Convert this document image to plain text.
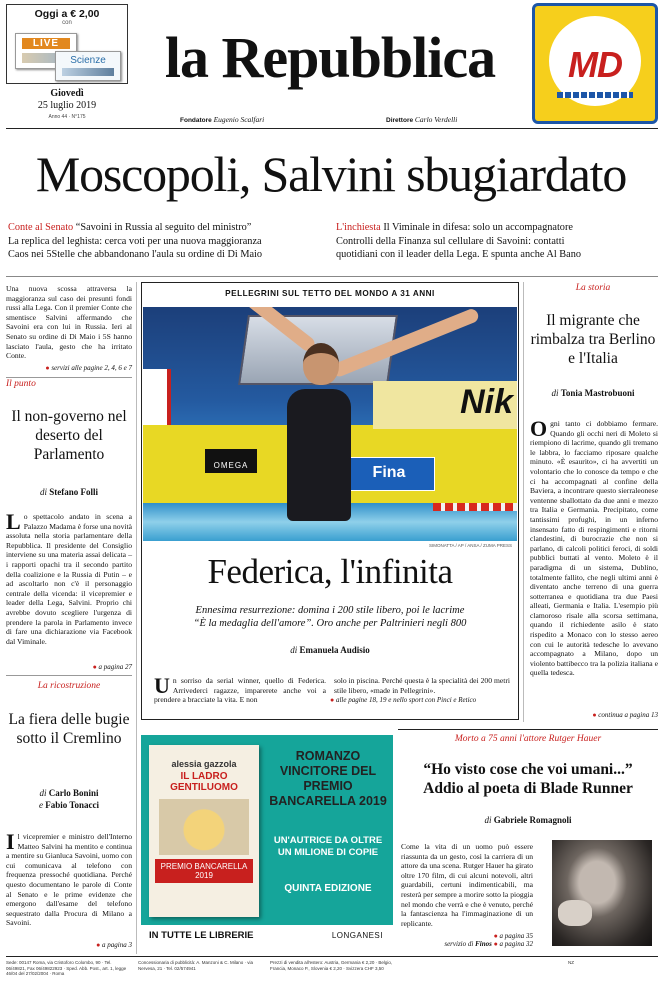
Oggi a € 2,00
con
LIVE
Scienze
Giovedì
25 luglio 2019
Anno 44 · N°175
la Repubblica
Fondatore Eugenio Scalfari	Direttore Carlo Verdelli
MD
Moscopoli, Salvini sbugiardato
Conte al Senato “Savoini in Russia al seguito del ministro”
La replica del leghista: cerca voti per una nuova maggioranza
Caos nei 5Stelle che abbandonano l'aula su ordine di Di Maio
L'inchiesta Il Viminale in difesa: solo un accompagnatore
Controlli della Finanza sul cellulare di Savoini: contatti
quotidiani con il leader della Lega. E spunta anche Al Bano
Una nuova scossa attraversa la maggioranza sul caso dei presunti fondi russi alla Lega. Con il premier Conte che smentisce Salvini affermando che Savoini era con lui in Russia. Ieri al Senato su ordine di Di Maio i 5S hanno lasciato l'aula, gesto che ha irritato Conte.
● servizi alle pagine 2, 4, 6 e 7
Il punto
Il non-governo nel deserto del Parlamento
di Stefano Folli
Lo spettacolo andato in scena a Palazzo Madama è forse una novità assoluta nella storia parlamentare della Repubblica. Il presidente del Consiglio interviene su una materia assai delicata – i rapporti opachi tra il secondo partito della coalizione e la Russia di Putin – e ad ascoltarlo non c'è il personaggio centrale della vicenda: il vicepremier e leader della Lega, Salvini. Proprio chi avrebbe dovuto scegliere l'urgenza di prendere la parola in Parlamento invece di fare una dichiarazione via Facebook dal Viminale.
● a pagina 27
La ricostruzione
La fiera delle bugie sotto il Cremlino
di Carlo Bonini
e Fabio Tonacci
Il vicepremier e ministro dell'Interno Matteo Salvini ha mentito e continua a mentire su Gianluca Savoini, uomo con cui comunicava al telefono con frequenza pressoché quotidiana. Perché questo documentano le parole di Conte al Senato e le prime evidenze che emergono dall'esame del telefono sequestrato dalla Procura di Milano a Savoini.
● a pagina 3
PELLEGRINI SUL TETTO DEL MONDO A 31 ANNI
Nik
OMEGA	Fina
SIMONATTA / AP / ANSA / ZUMA PRESS
Federica, l'infinita
Ennesima resurrezione: domina i 200 stile libero, poi le lacrime
“È la medaglia dell'amore”. Oro anche per Paltrinieri negli 800
di Emanuela Audisio
Un sorriso da serial winner, quello di Federica. Arrivederci ragazze, imparerete anche voi a prendere a bracciate la vita. E non
solo in piscina. Perché questa è la specialità dei 200 metri stile libero, «made in Pellegrini».
● alle pagine 18, 19 e nello sport con Pinci e Retico
alessia gazzola
IL LADRO GENTILUOMO
PREMIO BANCARELLA 2019
ROMANZO VINCITORE DEL PREMIO BANCARELLA 2019
UN'AUTRICE DA OLTRE UN MILIONE DI COPIE
QUINTA EDIZIONE
IN TUTTE LE LIBRERIE	LONGANESI
La storia
Il migrante che rimbalza tra Berlino e l'Italia
di Tonia Mastrobuoni
Ogni tanto ci dobbiamo fermare. Quando gli occhi neri di Moleto si riempiono di lacrime, quando gli tremano le labbra, lo facciamo riposare qualche minuto. «È esaurito», ci ha avvertiti un volontario che lo conosce da tempo e che ci ha accompagnati al confine della Baviera, a incontrare questo sierraleonese ventenne sballottato da due anni e mezzo tra Italia e Germania. Precipitato, come tantissimi profughi, in un inferno insensato fatto di respingimenti e ritorni clandestini, di burocrazie che non si parlano, di calcoli politici feroci, di soldi pubblici buttati al vento. Moleto è il paradigma di un sistema, Dublino, totalmente fallito, che negli ultimi anni è diventato anche terreno di una guerra sotterranea e quotidiana tra due Paesi alleati, Germania e Italia. L'esempio più clamoroso risale alla scorsa settimana, quando il richiedente asilo è stato rispedito a Monaco con lo stesso aereo con cui le autorità tedesche lo avevano accompagnato a Milano, dopo un violento battibecco tra la polizia italiana e quella tedesca.
● continua a pagina 13
Morto a 75 anni l'attore Rutger Hauer
“Ho visto cose che voi umani...”
Addio al poeta di Blade Runner
di Gabriele Romagnoli
Come la vita di un uomo può essere riassunta da un gesto, così la carriera di un attore da una scena. Rutger Hauer ha girato oltre 170 film, di cui alcuni notevoli, altri guardabili, certuni indimenticabili, ma resterà per sempre a morire sotto la pioggia nel mondo che verrà e che è venuto, perché la fantascienza ha l'immaginazione di un replicante.
● a pagina 35
servizio di Finos ● a pagina 32
Sede: 00147 Roma, via Cristoforo Colombo, 90 · Tel. 06/49821, Fax 06/49822923 · Sped. Abb. Post., art. 1, legge 46/04 del 27/02/2004 · Roma
Concessionaria di pubblicità: A. Manzoni & C. Milano · via Nervesa, 21 · Tel. 02/574941
Prezzi di vendita all'estero: Austria, Germania € 2,20 · Belgio, Francia, Monaco P., Slovenia € 2,20 · Svizzera CHF 3,50
NZ
